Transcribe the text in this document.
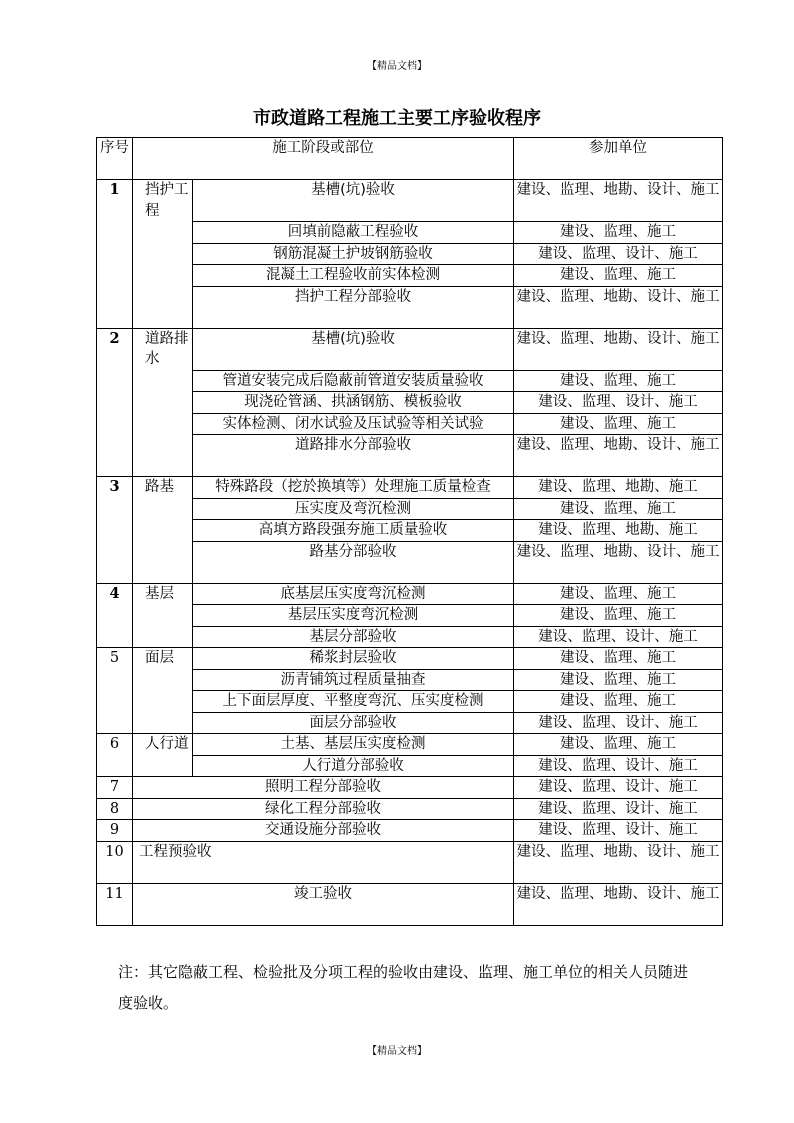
【精品文档】
市政道路工程施工主要工序验收程序
序号	施工阶段或部位		参加单位
1	挡护工程	基槽(坑)验收	建设、监理、地勘、设计、施工
		回填前隐蔽工程验收	建设、监理、施工
		钢筋混凝土护坡钢筋验收	建设、监理、设计、施工
		混凝土工程验收前实体检测	建设、监理、施工
		挡护工程分部验收	建设、监理、地勘、设计、施工
2	道路排水	基槽(坑)验收	建设、监理、地勘、设计、施工
		管道安装完成后隐蔽前管道安装质量验收	建设、监理、施工
		现浇砼管涵、拱涵钢筋、模板验收	建设、监理、设计、施工
		实体检测、闭水试验及压试验等相关试验	建设、监理、施工
		道路排水分部验收	建设、监理、地勘、设计、施工
3	路基	特殊路段（挖於换填等）处理施工质量检查	建设、监理、地勘、施工
		压实度及弯沉检测	建设、监理、施工
		高填方路段强夯施工质量验收	建设、监理、地勘、施工
		路基分部验收	建设、监理、地勘、设计、施工
4	基层	底基层压实度弯沉检测	建设、监理、施工
		基层压实度弯沉检测	建设、监理、施工
		基层分部验收	建设、监理、设计、施工
5	面层	稀浆封层验收	建设、监理、施工
		沥青铺筑过程质量抽查	建设、监理、施工
		上下面层厚度、平整度弯沉、压实度检测	建设、监理、施工
		面层分部验收	建设、监理、设计、施工
6	人行道	土基、基层压实度检测	建设、监理、施工
		人行道分部验收	建设、监理、设计、施工
7	照明工程分部验收		建设、监理、设计、施工
8	绿化工程分部验收		建设、监理、设计、施工
9	交通设施分部验收		建设、监理、设计、施工
10	工程预验收		建设、监理、地勘、设计、施工
11	竣工验收		建设、监理、地勘、设计、施工
注：其它隐蔽工程、检验批及分项工程的验收由建设、监理、施工单位的相关人员随进度验收。
【精品文档】
